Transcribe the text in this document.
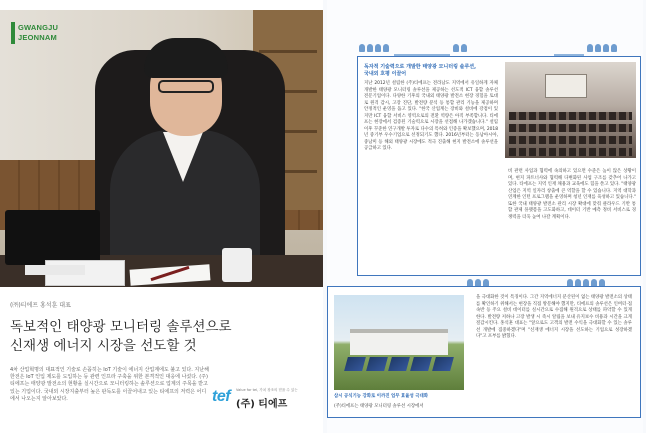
GWANGJU
JEONNAM
(㈜)티에프 홍석훈 대표
독보적인 태양광 모니터링 솔루션으로
신재생 에너지 시장을 선도할 것
4차 산업혁명의 대표적인 기술로 손꼽히는 IoT 기술이 에너지 산업계에도 불고 있다. 지난해 한전은 IoT 인입 제도를 도입하는 등 관련 인프라 구축을 위한 본격적인 대응에 나섰다. (주)티에프는 태양광 발전소의 현황을 실시간으로 모니터링하는 솔루션으로 업계의 주목을 받고 있는 기업이다. 국내외 시장지출부터 높은 판독도를 이끌어내고 있는 티에프의 저력은 어디에서 나오는지 알아보았다.	tef Value for tel, 가치 창조의 믿을 수 있는
(주) 티에프
독자적 기술력으로 개발한 태양광 모니터링 솔루션,
국내외 호평 이끌어
지난 2012년 설립한 (주)티에프는 전라남도 지역에서 유일하게 자체개발한 태양광 모니터링 솔루션을 제공하는 선도적 ICT 융합 솔루션 전문기업이다. 다양한 기후의 국내외 태양광 발전소 현장 경험을 토대로 원격 감시, 고장 진단, 발전량 분석 등 통합 관리 기능을 제공하며 안정적인 운영을 돕고 있다. "한국 산업계는 장비와 설비에 강점이 있지만 ICT 융합 서비스 영역으로의 전환 역량은 아직 부족합니다. 티에프는 현장에서 검증된 기술력으로 시장을 선점해 나가겠습니다." 설립 이후 꾸준한 연구개발 투자로 다수의 특허와 인증을 확보했으며, 2018년 중기부 우수기업으로 선정되기도 했다. 2016년부터는 동남아시아, 중남미 등 해외 태양광 시장에도 적극 진출해 현지 발전소에 솔루션을 공급하고 있다.
비 관련 사업과 협력에 속의하고 있으면 수준은 높이 않은 상황이며, 현지 파트너사와 협력해 다변화된 사업 구조를 갖추어 나가고 있다. 티에프는 지역 인재 채용과 교육에도 힘을 쏟고 있다. "태양광 산업은 지역 일자리 창출에 큰 역할을 할 수 있습니다. 지역 대학과 연계한 인턴 프로그램을 운영하며 청년 인재를 육성하고 있습니다." 또한 국내 태양광 발전소 관리 시장 확대에 맞춰 클라우드 기반 통합 관제 플랫폼을 고도화하고, 데이터 기반 예측 정비 서비스로 경쟁력을 더욱 높여 나갈 계획이다.
삼시 공식기능 강화로 이까진 업무 효율성 극대화
(주)티에프는 태양광 모니터링 솔루션 시장에서
을 극대화한 것이 특징이다. 그간 지역에너지 분산된이 없는 태양광 발전소의 상태를 확인하기 위해서는 현장을 직접 방문해야 했지만, 티에프의 솔루션은 인버터·접속반 등 주요 설비 데이터를 실시간으로 수집해 원격으로 상태를 파악할 수 있게 한다. 발전량 저하나 고장 발생 시 즉시 알림을 보내 유지보수 비용과 시간을 크게 절감시킨다. 홍석훈 대표는 "앞으로도 고객의 발전 수익을 극대화할 수 있는 솔루션 개발에 집중하겠다"며 "신재생 에너지 시장을 선도하는 기업으로 성장하겠다"고 포부를 밝혔다.
